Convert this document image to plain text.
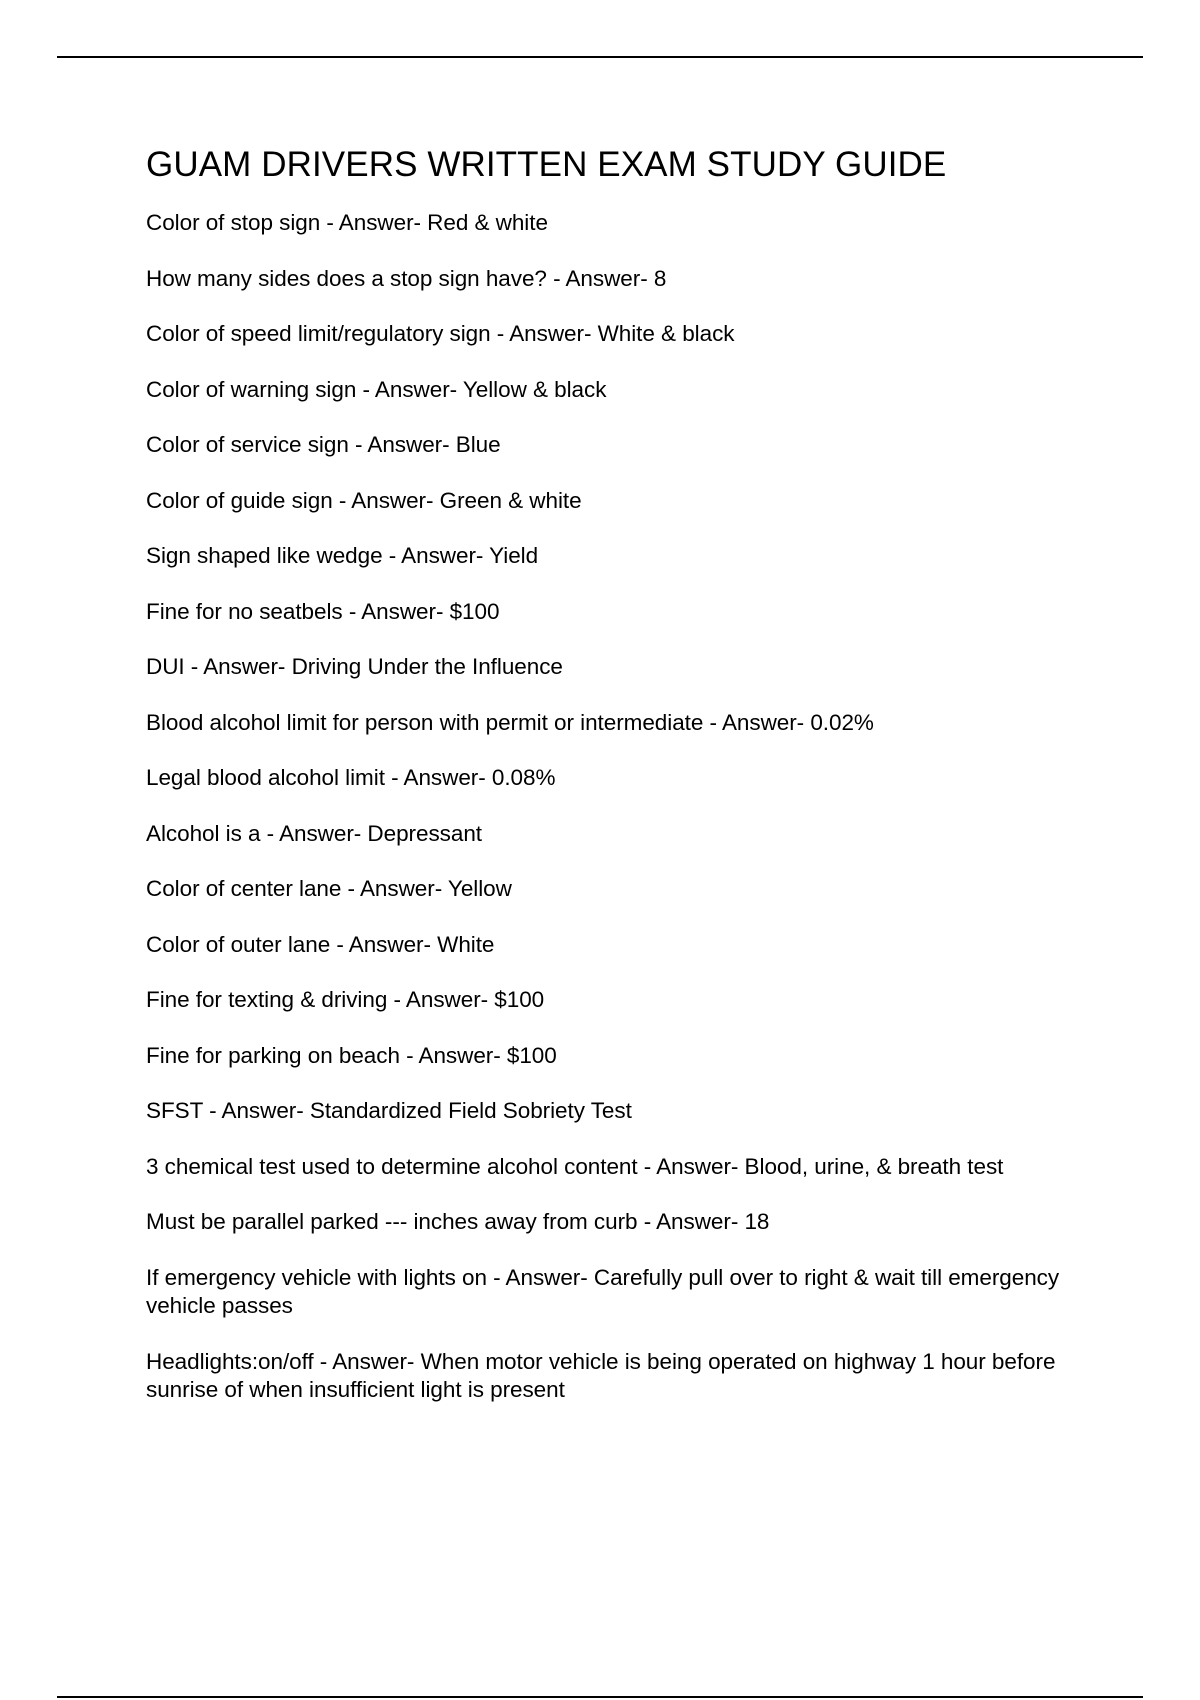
GUAM DRIVERS WRITTEN EXAM STUDY GUIDE
Color of stop sign - Answer- Red & white
How many sides does a stop sign have? - Answer- 8
Color of speed limit/regulatory sign - Answer- White & black
Color of warning sign - Answer- Yellow & black
Color of service sign - Answer- Blue
Color of guide sign - Answer- Green & white
Sign shaped like wedge - Answer- Yield
Fine for no seatbels - Answer- $100
DUI - Answer- Driving Under the Influence
Blood alcohol limit for person with permit or intermediate - Answer- 0.02%
Legal blood alcohol limit - Answer- 0.08%
Alcohol is a - Answer- Depressant
Color of center lane - Answer- Yellow
Color of outer lane - Answer- White
Fine for texting & driving - Answer- $100
Fine for parking on beach - Answer- $100
SFST - Answer- Standardized Field Sobriety Test
3 chemical test used to determine alcohol content - Answer- Blood, urine, & breath test
Must be parallel parked --- inches away from curb - Answer- 18
If emergency vehicle with lights on - Answer- Carefully pull over to right & wait till emergency vehicle passes
Headlights:on/off - Answer- When motor vehicle is being operated on highway 1 hour before sunrise of when insufficient light is present
